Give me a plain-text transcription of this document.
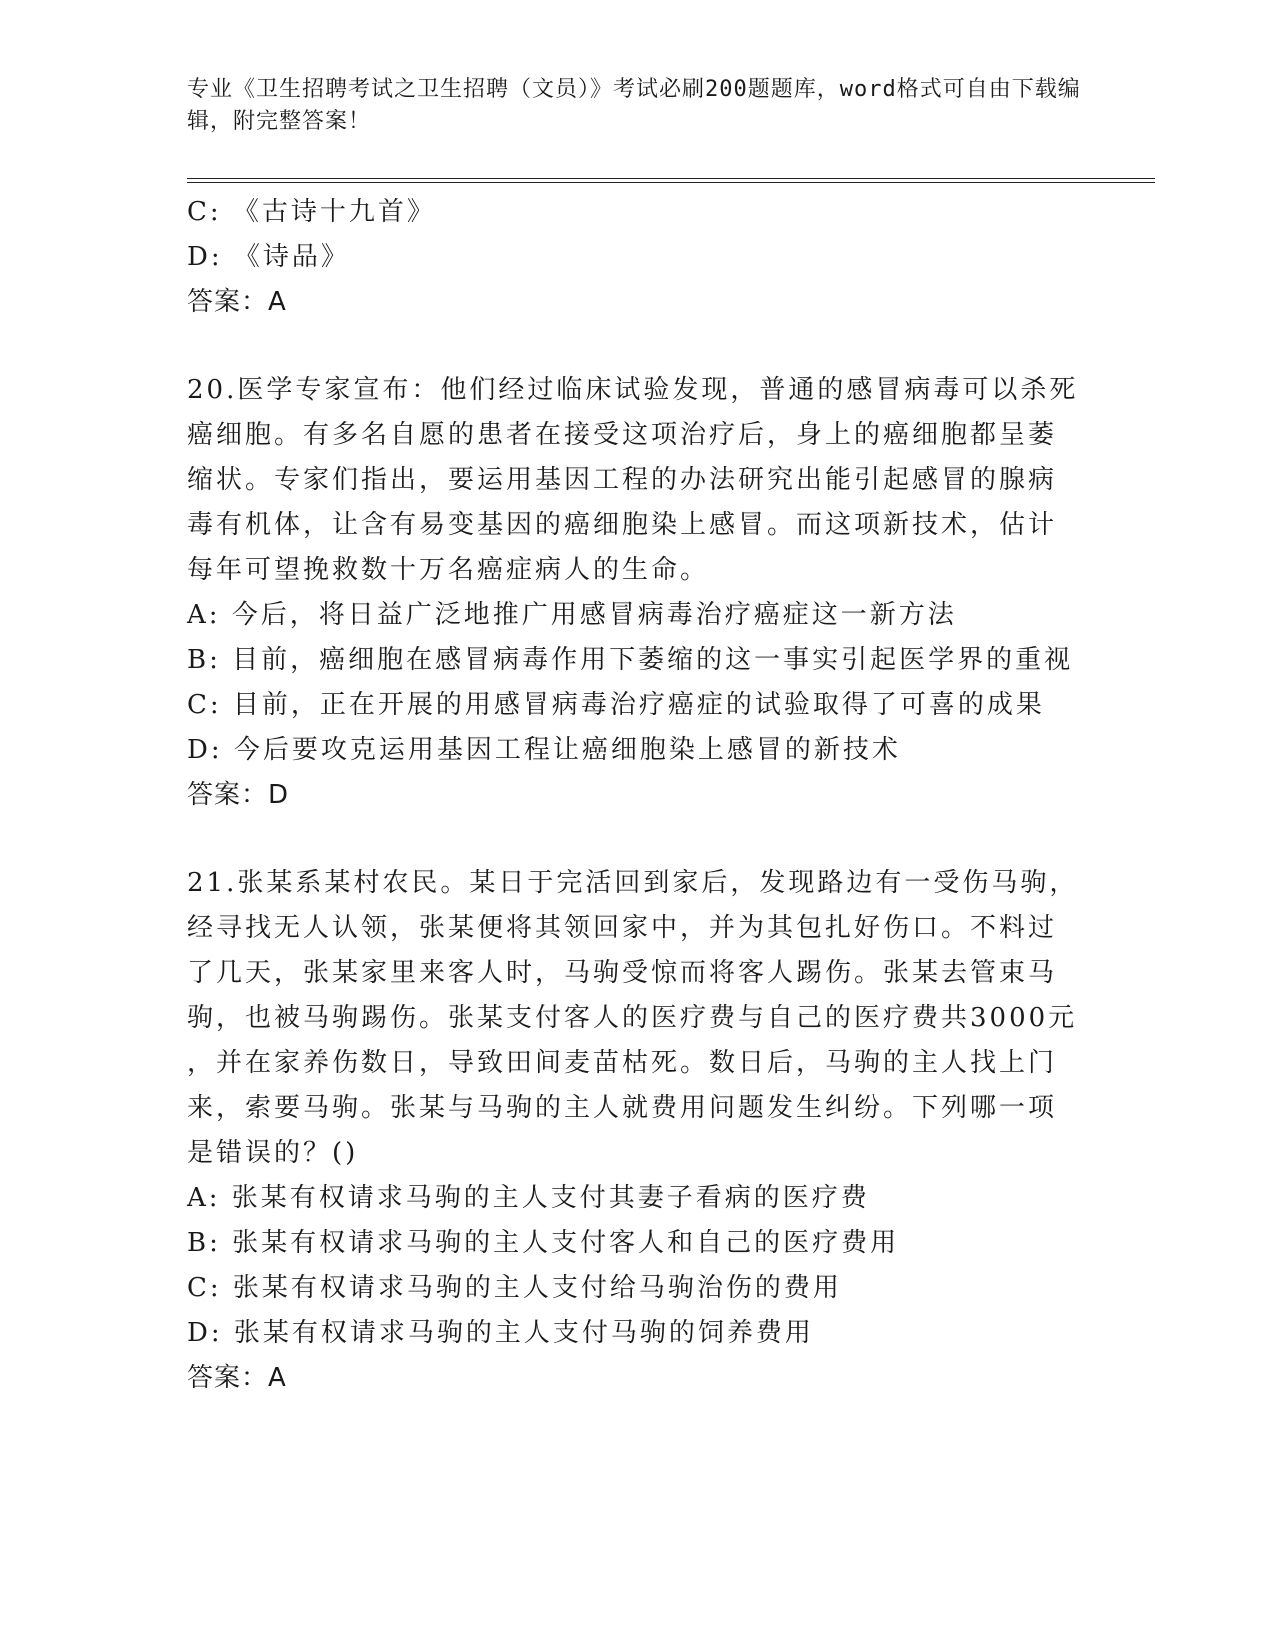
专业《卫生招聘考试之卫生招聘（文员）》考试必刷200题题库，word格式可自由下载编辑，附完整答案！
C: 《古诗十九首》
D: 《诗品》
答案：A
20.医学专家宣布：他们经过临床试验发现，普通的感冒病毒可以杀死
癌细胞。有多名自愿的患者在接受这项治疗后，身上的癌细胞都呈萎
缩状。专家们指出，要运用基因工程的办法研究出能引起感冒的腺病
毒有机体，让含有易变基因的癌细胞染上感冒。而这项新技术，估计
每年可望挽救数十万名癌症病人的生命。
A: 今后，将日益广泛地推广用感冒病毒治疗癌症这一新方法
B: 目前，癌细胞在感冒病毒作用下萎缩的这一事实引起医学界的重视
C: 目前，正在开展的用感冒病毒治疗癌症的试验取得了可喜的成果
D: 今后要攻克运用基因工程让癌细胞染上感冒的新技术
答案：D
21.张某系某村农民。某日于完活回到家后，发现路边有一受伤马驹，
经寻找无人认领，张某便将其领回家中，并为其包扎好伤口。不料过
了几天，张某家里来客人时，马驹受惊而将客人踢伤。张某去管束马
驹，也被马驹踢伤。张某支付客人的医疗费与自己的医疗费共3000元
，并在家养伤数日，导致田间麦苗枯死。数日后，马驹的主人找上门
来，索要马驹。张某与马驹的主人就费用问题发生纠纷。下列哪一项
是错误的？()
A: 张某有权请求马驹的主人支付其妻子看病的医疗费
B: 张某有权请求马驹的主人支付客人和自己的医疗费用
C: 张某有权请求马驹的主人支付给马驹治伤的费用
D: 张某有权请求马驹的主人支付马驹的饲养费用
答案：A
